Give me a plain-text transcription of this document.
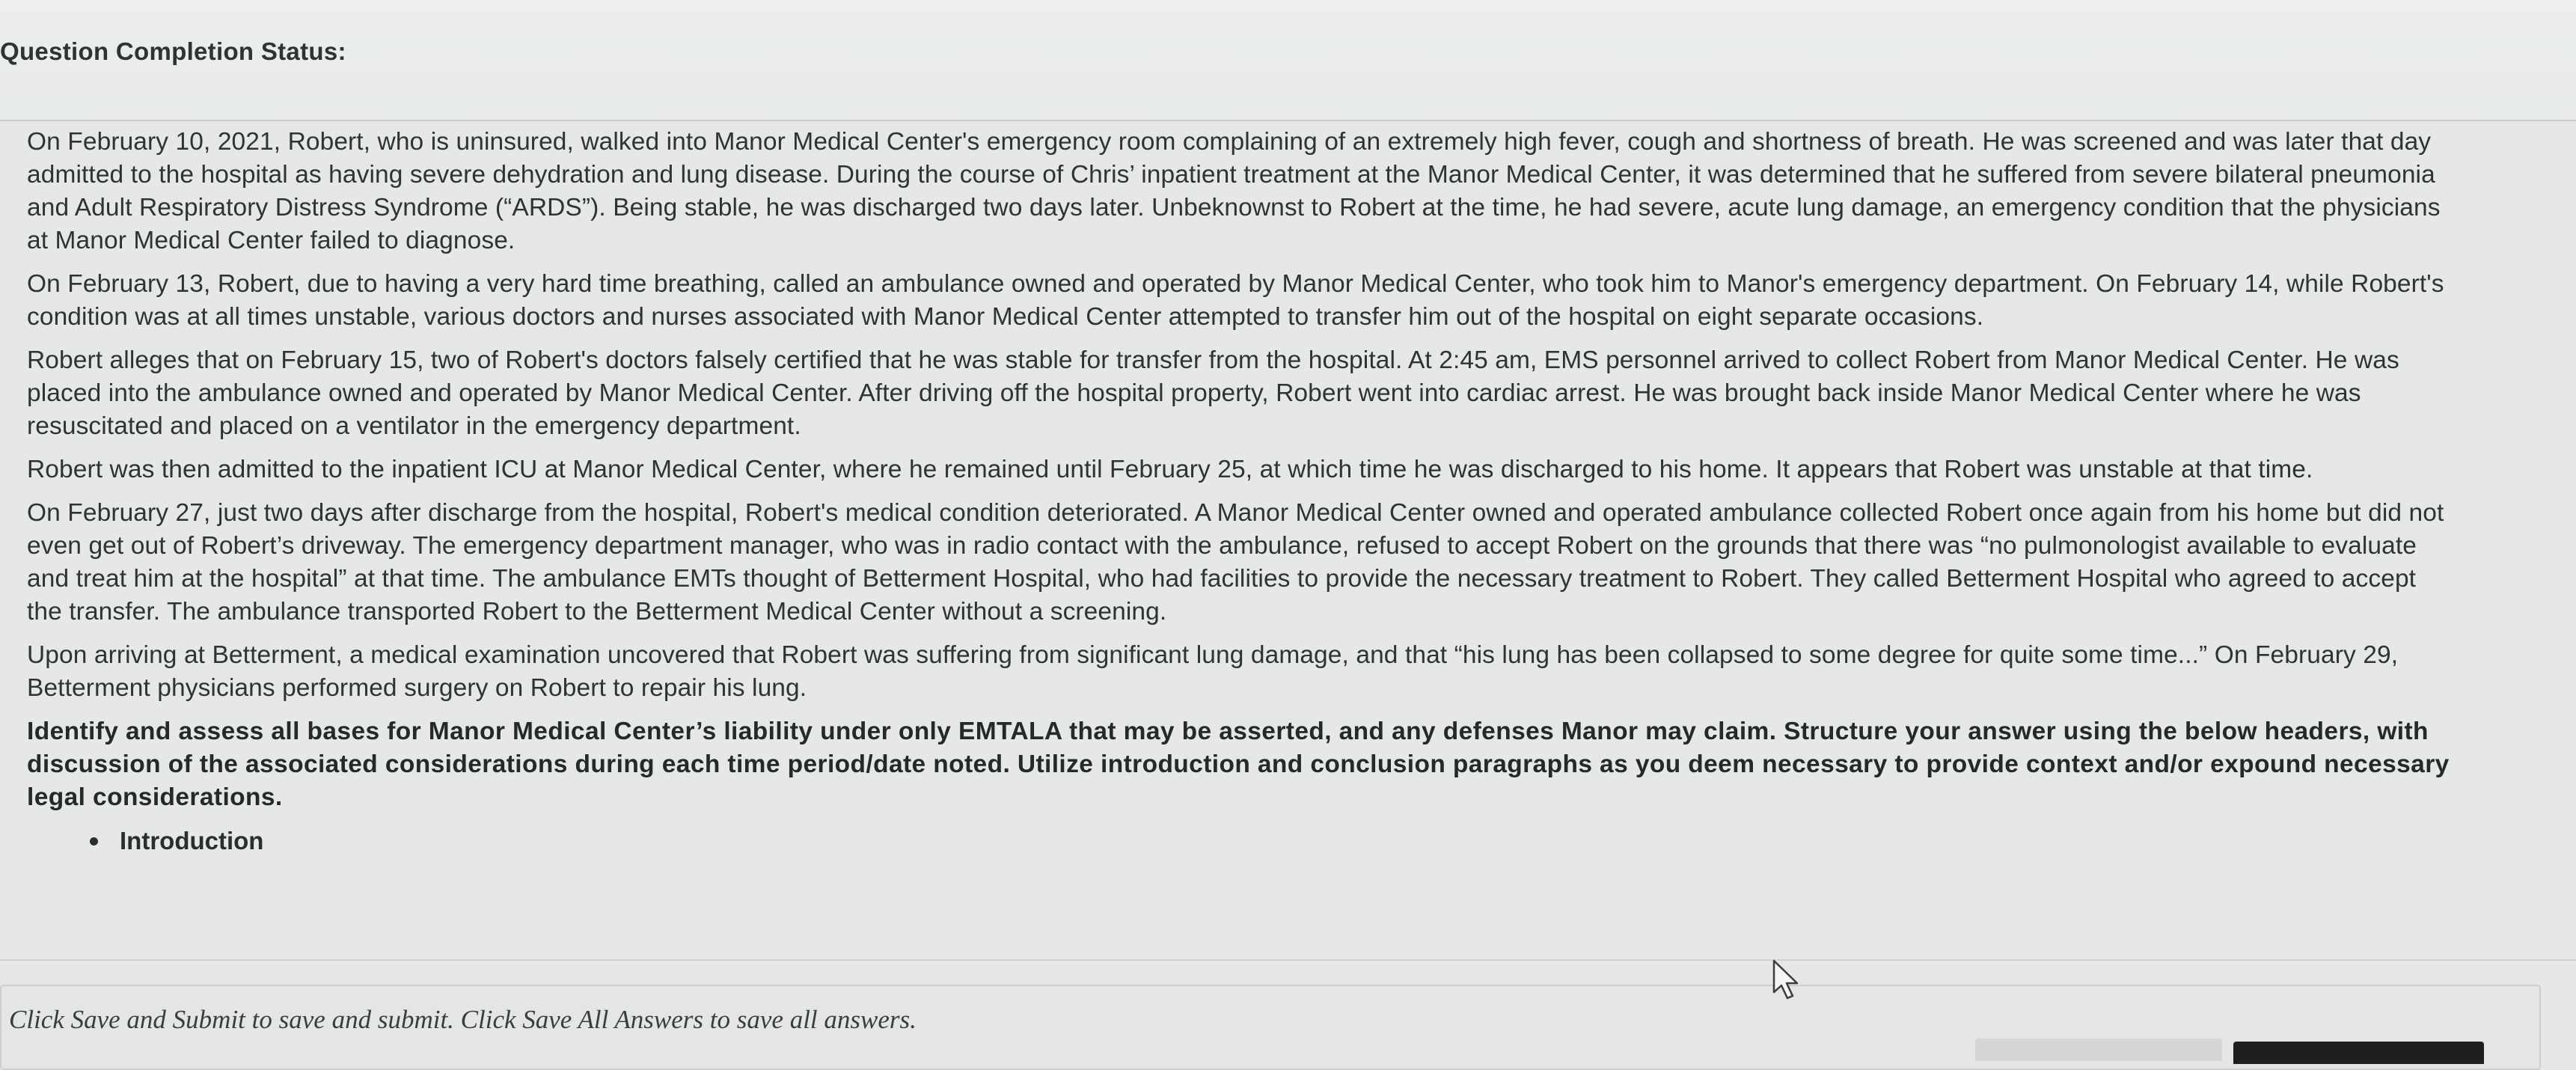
Question Completion Status:

On February 10, 2021, Robert, who is uninsured, walked into Manor Medical Center's emergency room complaining of an extremely high fever, cough and shortness of breath. He was screened and was later that day admitted to the hospital as having severe dehydration and lung disease. During the course of Chris’ inpatient treatment at the Manor Medical Center, it was determined that he suffered from severe bilateral pneumonia and Adult Respiratory Distress Syndrome (“ARDS”). Being stable, he was discharged two days later. Unbeknownst to Robert at the time, he had severe, acute lung damage, an emergency condition that the physicians at Manor Medical Center failed to diagnose.

On February 13, Robert, due to having a very hard time breathing, called an ambulance owned and operated by Manor Medical Center, who took him to Manor's emergency department. On February 14, while Robert's condition was at all times unstable, various doctors and nurses associated with Manor Medical Center attempted to transfer him out of the hospital on eight separate occasions.

Robert alleges that on February 15, two of Robert's doctors falsely certified that he was stable for transfer from the hospital. At 2:45 am, EMS personnel arrived to collect Robert from Manor Medical Center. He was placed into the ambulance owned and operated by Manor Medical Center. After driving off the hospital property, Robert went into cardiac arrest. He was brought back inside Manor Medical Center where he was resuscitated and placed on a ventilator in the emergency department.

Robert was then admitted to the inpatient ICU at Manor Medical Center, where he remained until February 25, at which time he was discharged to his home. It appears that Robert was unstable at that time.

On February 27, just two days after discharge from the hospital, Robert's medical condition deteriorated. A Manor Medical Center owned and operated ambulance collected Robert once again from his home but did not even get out of Robert’s driveway. The emergency department manager, who was in radio contact with the ambulance, refused to accept Robert on the grounds that there was “no pulmonologist available to evaluate and treat him at the hospital” at that time. The ambulance EMTs thought of Betterment Hospital, who had facilities to provide the necessary treatment to Robert. They called Betterment Hospital who agreed to accept the transfer. The ambulance transported Robert to the Betterment Medical Center without a screening.

Upon arriving at Betterment, a medical examination uncovered that Robert was suffering from significant lung damage, and that “his lung has been collapsed to some degree for quite some time...” On February 29, Betterment physicians performed surgery on Robert to repair his lung.

Identify and assess all bases for Manor Medical Center’s liability under only EMTALA that may be asserted, and any defenses Manor may claim. Structure your answer using the below headers, with discussion of the associated considerations during each time period/date noted. Utilize introduction and conclusion paragraphs as you deem necessary to provide context and/or expound necessary legal considerations.

Introduction
Click Save and Submit to save and submit. Click Save All Answers to save all answers.
